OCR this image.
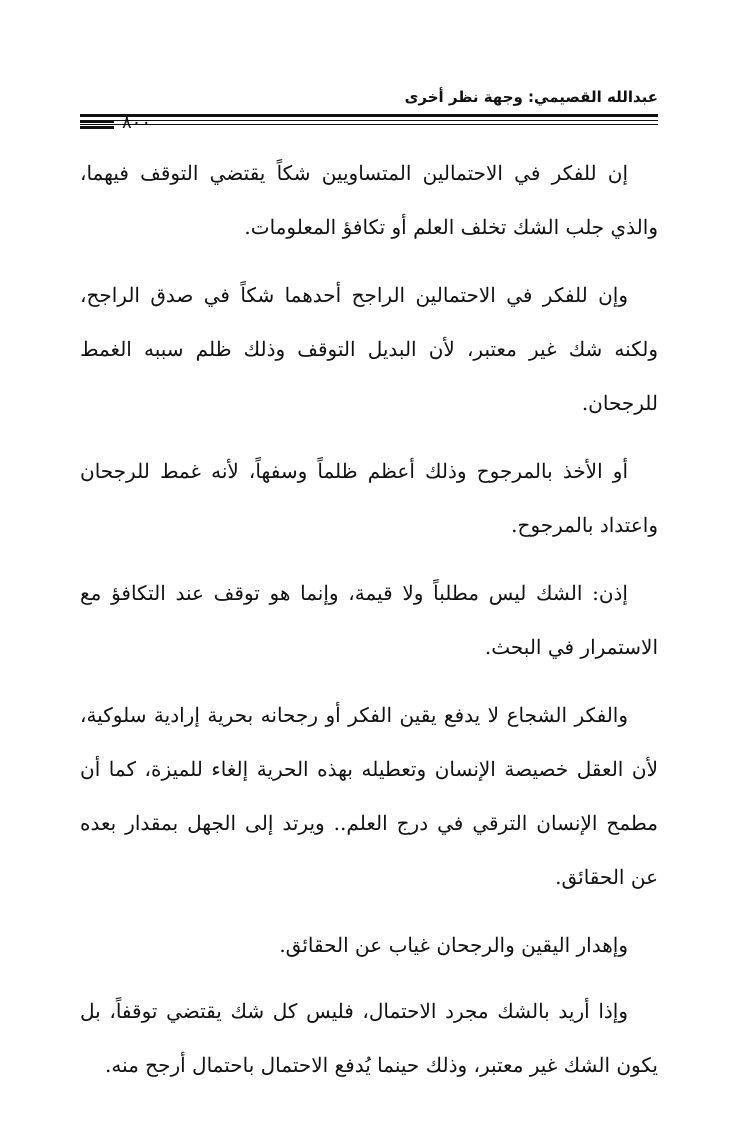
عبدالله القصيمي: وجهة نظر أخرى
٨٠٠

إن للفكر في الاحتمالين المتساويين شكاً يقتضي التوقف فيهما، والذي جلب الشك تخلف العلم أو تكافؤ المعلومات.

وإن للفكر في الاحتمالين الراجح أحدهما شكاً في صدق الراجح، ولكنه شك غير معتبر، لأن البديل التوقف وذلك ظلم سببه الغمط للرجحان.

أو الأخذ بالمرجوح وذلك أعظم ظلماً وسفهاً، لأنه غمط للرجحان واعتداد بالمرجوح.

إذن: الشك ليس مطلباً ولا قيمة، وإنما هو توقف عند التكافؤ مع الاستمرار في البحث.

والفكر الشجاع لا يدفع يقين الفكر أو رجحانه بحرية إرادية سلوكية، لأن العقل خصيصة الإنسان وتعطيله بهذه الحرية إلغاء للميزة، كما أن مطمح الإنسان الترقي في درج العلم.. ويرتد إلى الجهل بمقدار بعده عن الحقائق.

وإهدار اليقين والرجحان غياب عن الحقائق.

وإذا أريد بالشك مجرد الاحتمال، فليس كل شك يقتضي توقفاً، بل يكون الشك غير معتبر، وذلك حينما يُدفع الاحتمال باحتمال أرجح منه.
